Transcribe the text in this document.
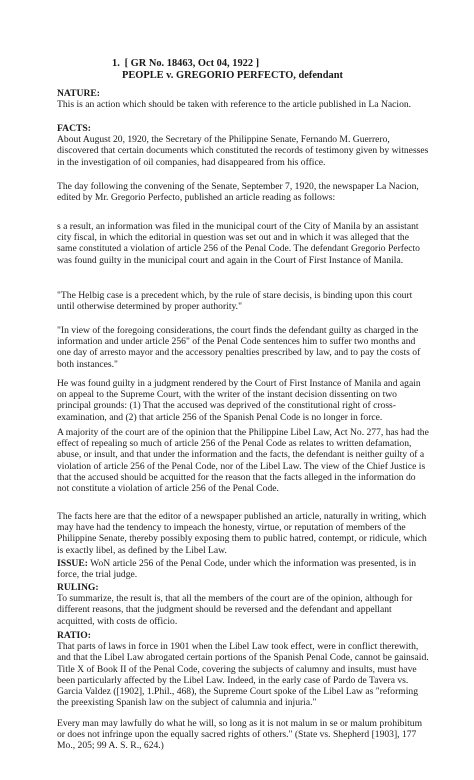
1. [ GR No. 18463, Oct 04, 1922 ]
PEOPLE v. GREGORIO PERFECTO, defendant

NATURE:

This is an action which should be taken with reference to the article published in La Nacion.

FACTS:

About August 20, 1920, the Secretary of the Philippine Senate, Fernando M. Guerrero, discovered that certain documents which constituted the records of testimony given by witnesses in the investigation of oil companies, had disappeared from his office.

The day following the convening of the Senate, September 7, 1920, the newspaper La Nacion, edited by Mr. Gregorio Perfecto, published an article reading as follows:

s a result, an information was filed in the municipal court of the City of Manila by an assistant city fiscal, in which the editorial in question was set out and in which it was alleged that the same constituted a violation of article 256 of the Penal Code. The defendant Gregorio Perfecto was found guilty in the municipal court and again in the Court of First Instance of Manila.

"The Helbig case is a precedent which, by the rule of stare decisis, is binding upon this court until otherwise determined by proper authority."

"In view of the foregoing considerations, the court finds the defendant guilty as charged in the information and under article 256" of the Penal Code sentences him to suffer two months and one day of arresto mayor and the accessory penalties prescribed by law, and to pay the costs of both instances."

He was found guilty in a judgment rendered by the Court of First Instance of Manila and again on appeal to the Supreme Court, with the writer of the instant decision dissenting on two principal grounds: (1) That the accused was deprived of the constitutional right of cross-examination, and (2) that article 256 of the Spanish Penal Code is no longer in force.

A majority of the court are of the opinion that the Philippine Libel Law, Act No. 277, has had the effect of repealing so much of article 256 of the Penal Code as relates to written defamation, abuse, or insult, and that under the information and the facts, the defendant is neither guilty of a violation of article 256 of the Penal Code, nor of the Libel Law. The view of the Chief Justice is that the accused should be acquitted for the reason that the facts alleged in the information do not constitute a violation of article 256 of the Penal Code.

The facts here are that the editor of a newspaper published an article, naturally in writing, which may have had the tendency to impeach the honesty, virtue, or reputation of members of the Philippine Senate, thereby possibly exposing them to public hatred, contempt, or ridicule, which is exactly libel, as defined by the Libel Law.

ISSUE: WoN article 256 of the Penal Code, under which the information was presented, is in force, the trial judge.

RULING:

To summarize, the result is, that all the members of the court are of the opinion, although for different reasons, that the judgment should be reversed and the defendant and appellant acquitted, with costs de officio.

RATIO:

That parts of laws in force in 1901 when the Libel Law took effect, were in conflict therewith, and that the Libel Law abrogated certain portions of the Spanish Penal Code, cannot be gainsaid. Title X of Book II of the Penal Code, covering the subjects of calumny and insults, must have been particularly affected by the Libel Law. Indeed, in the early case of Pardo de Tavera vs. Garcia Valdez ([1902], 1.Phil., 468), the Supreme Court spoke of the Libel Law as "reforming the preexisting Spanish law on the subject of calumnia and injuria."

Every man may lawfully do what he will, so long as it is not malum in se or malum prohibitum or does not infringe upon the equally sacred rights of others." (State vs. Shepherd [1903], 177 Mo., 205; 99 A. S. R., 624.)
